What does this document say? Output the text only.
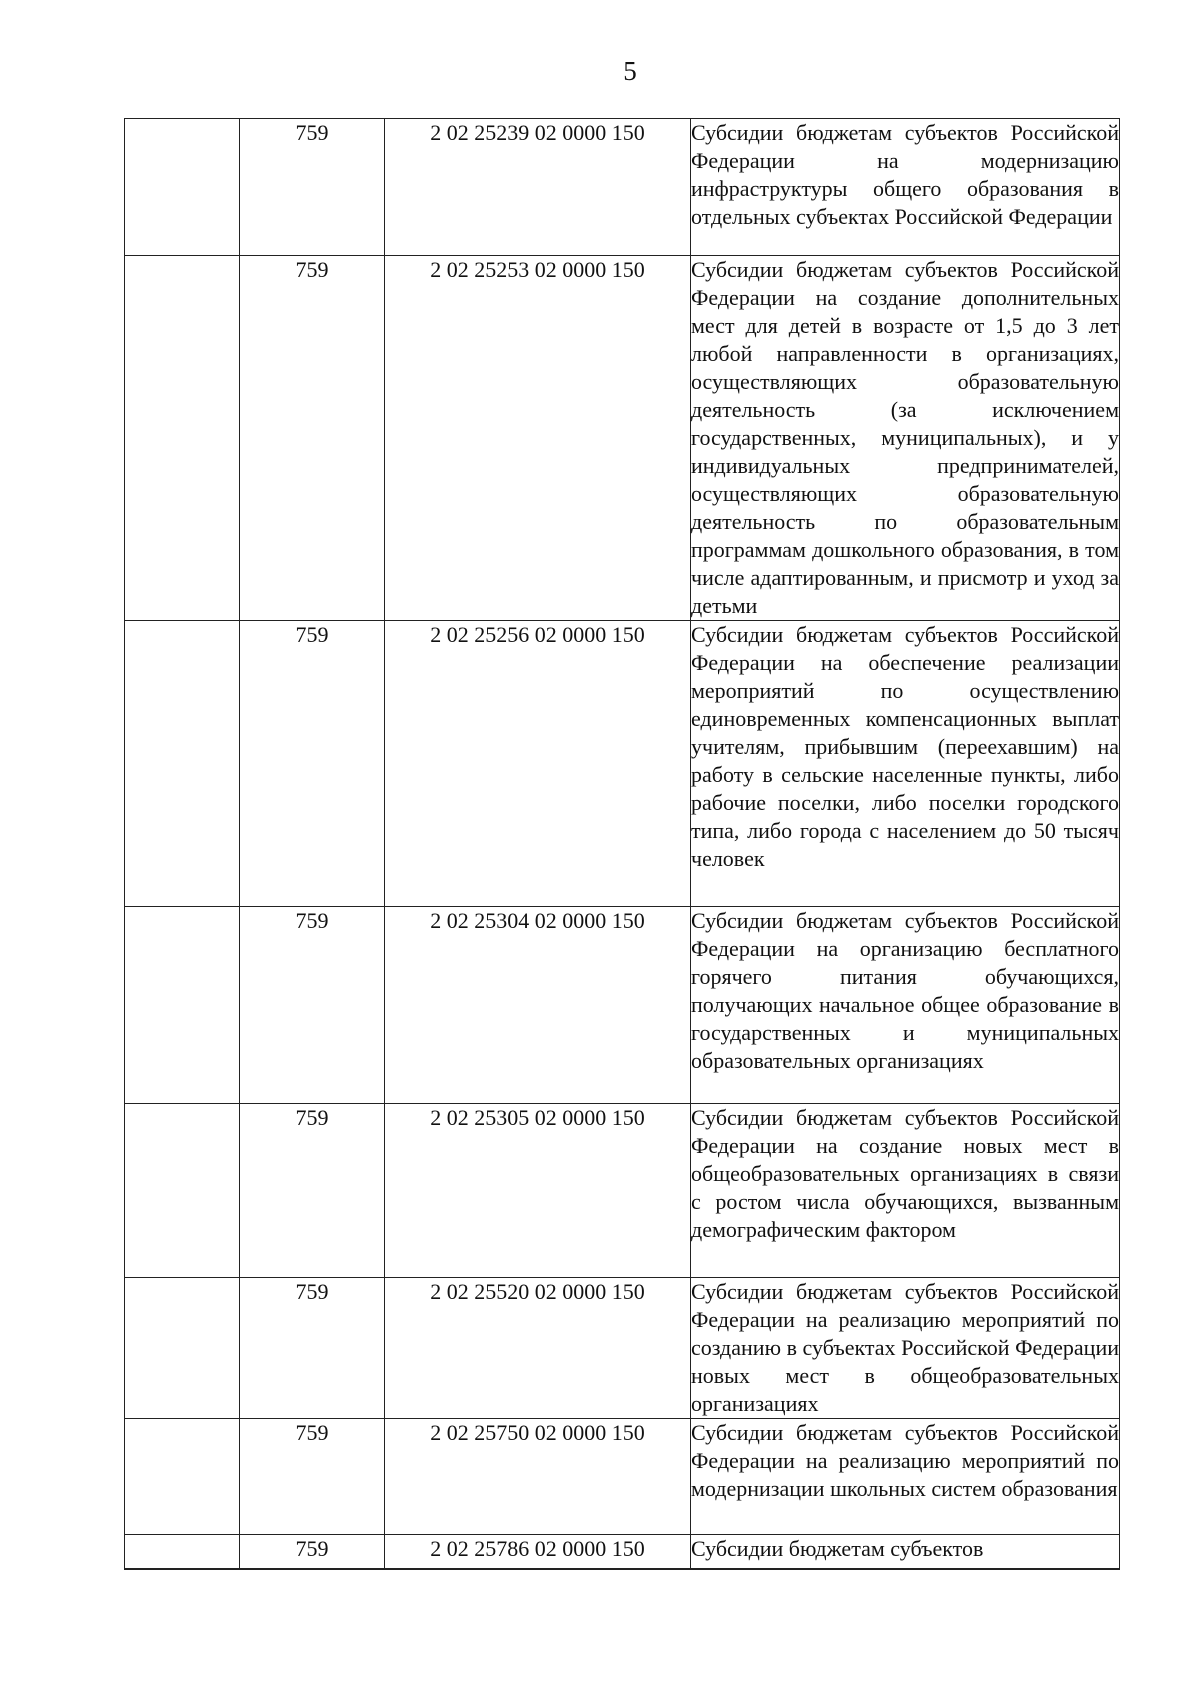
5
	759	2 02 25239 02 0000 150	Субсидии бюджетам субъектов Российской Федерации на модернизацию инфраструктуры общего образования в отдельных субъектах Российской Федерации
	759	2 02 25253 02 0000 150	Субсидии бюджетам субъектов Российской Федерации на создание дополнительных мест для детей в возрасте от 1,5 до 3 лет любой направленности в организациях, осуществляющих образовательную деятельность (за исключением государственных, муниципальных), и у индивидуальных предпринимателей, осуществляющих образовательную деятельность по образовательным программам дошкольного образования, в том числе адаптированным, и присмотр и уход за детьми
	759	2 02 25256 02 0000 150	Субсидии бюджетам субъектов Российской Федерации на обеспечение реализации мероприятий по осуществлению единовременных компенсационных выплат учителям, прибывшим (переехавшим) на работу в сельские населенные пункты, либо рабочие поселки, либо поселки городского типа, либо города с населением до 50 тысяч человек
	759	2 02 25304 02 0000 150	Субсидии бюджетам субъектов Российской Федерации на организацию бесплатного горячего питания обучающихся, получающих начальное общее образование в государственных и муниципальных образовательных организациях
	759	2 02 25305 02 0000 150	Субсидии бюджетам субъектов Российской Федерации на создание новых мест в общеобразовательных организациях в связи с ростом числа обучающихся, вызванным демографическим фактором
	759	2 02 25520 02 0000 150	Субсидии бюджетам субъектов Российской Федерации на реализацию мероприятий по созданию в субъектах Российской Федерации новых мест в общеобразовательных организациях
	759	2 02 25750 02 0000 150	Субсидии бюджетам субъектов Российской Федерации на реализацию мероприятий по модернизации школьных систем образования
	759	2 02 25786 02 0000 150	Субсидии бюджетам субъектов
